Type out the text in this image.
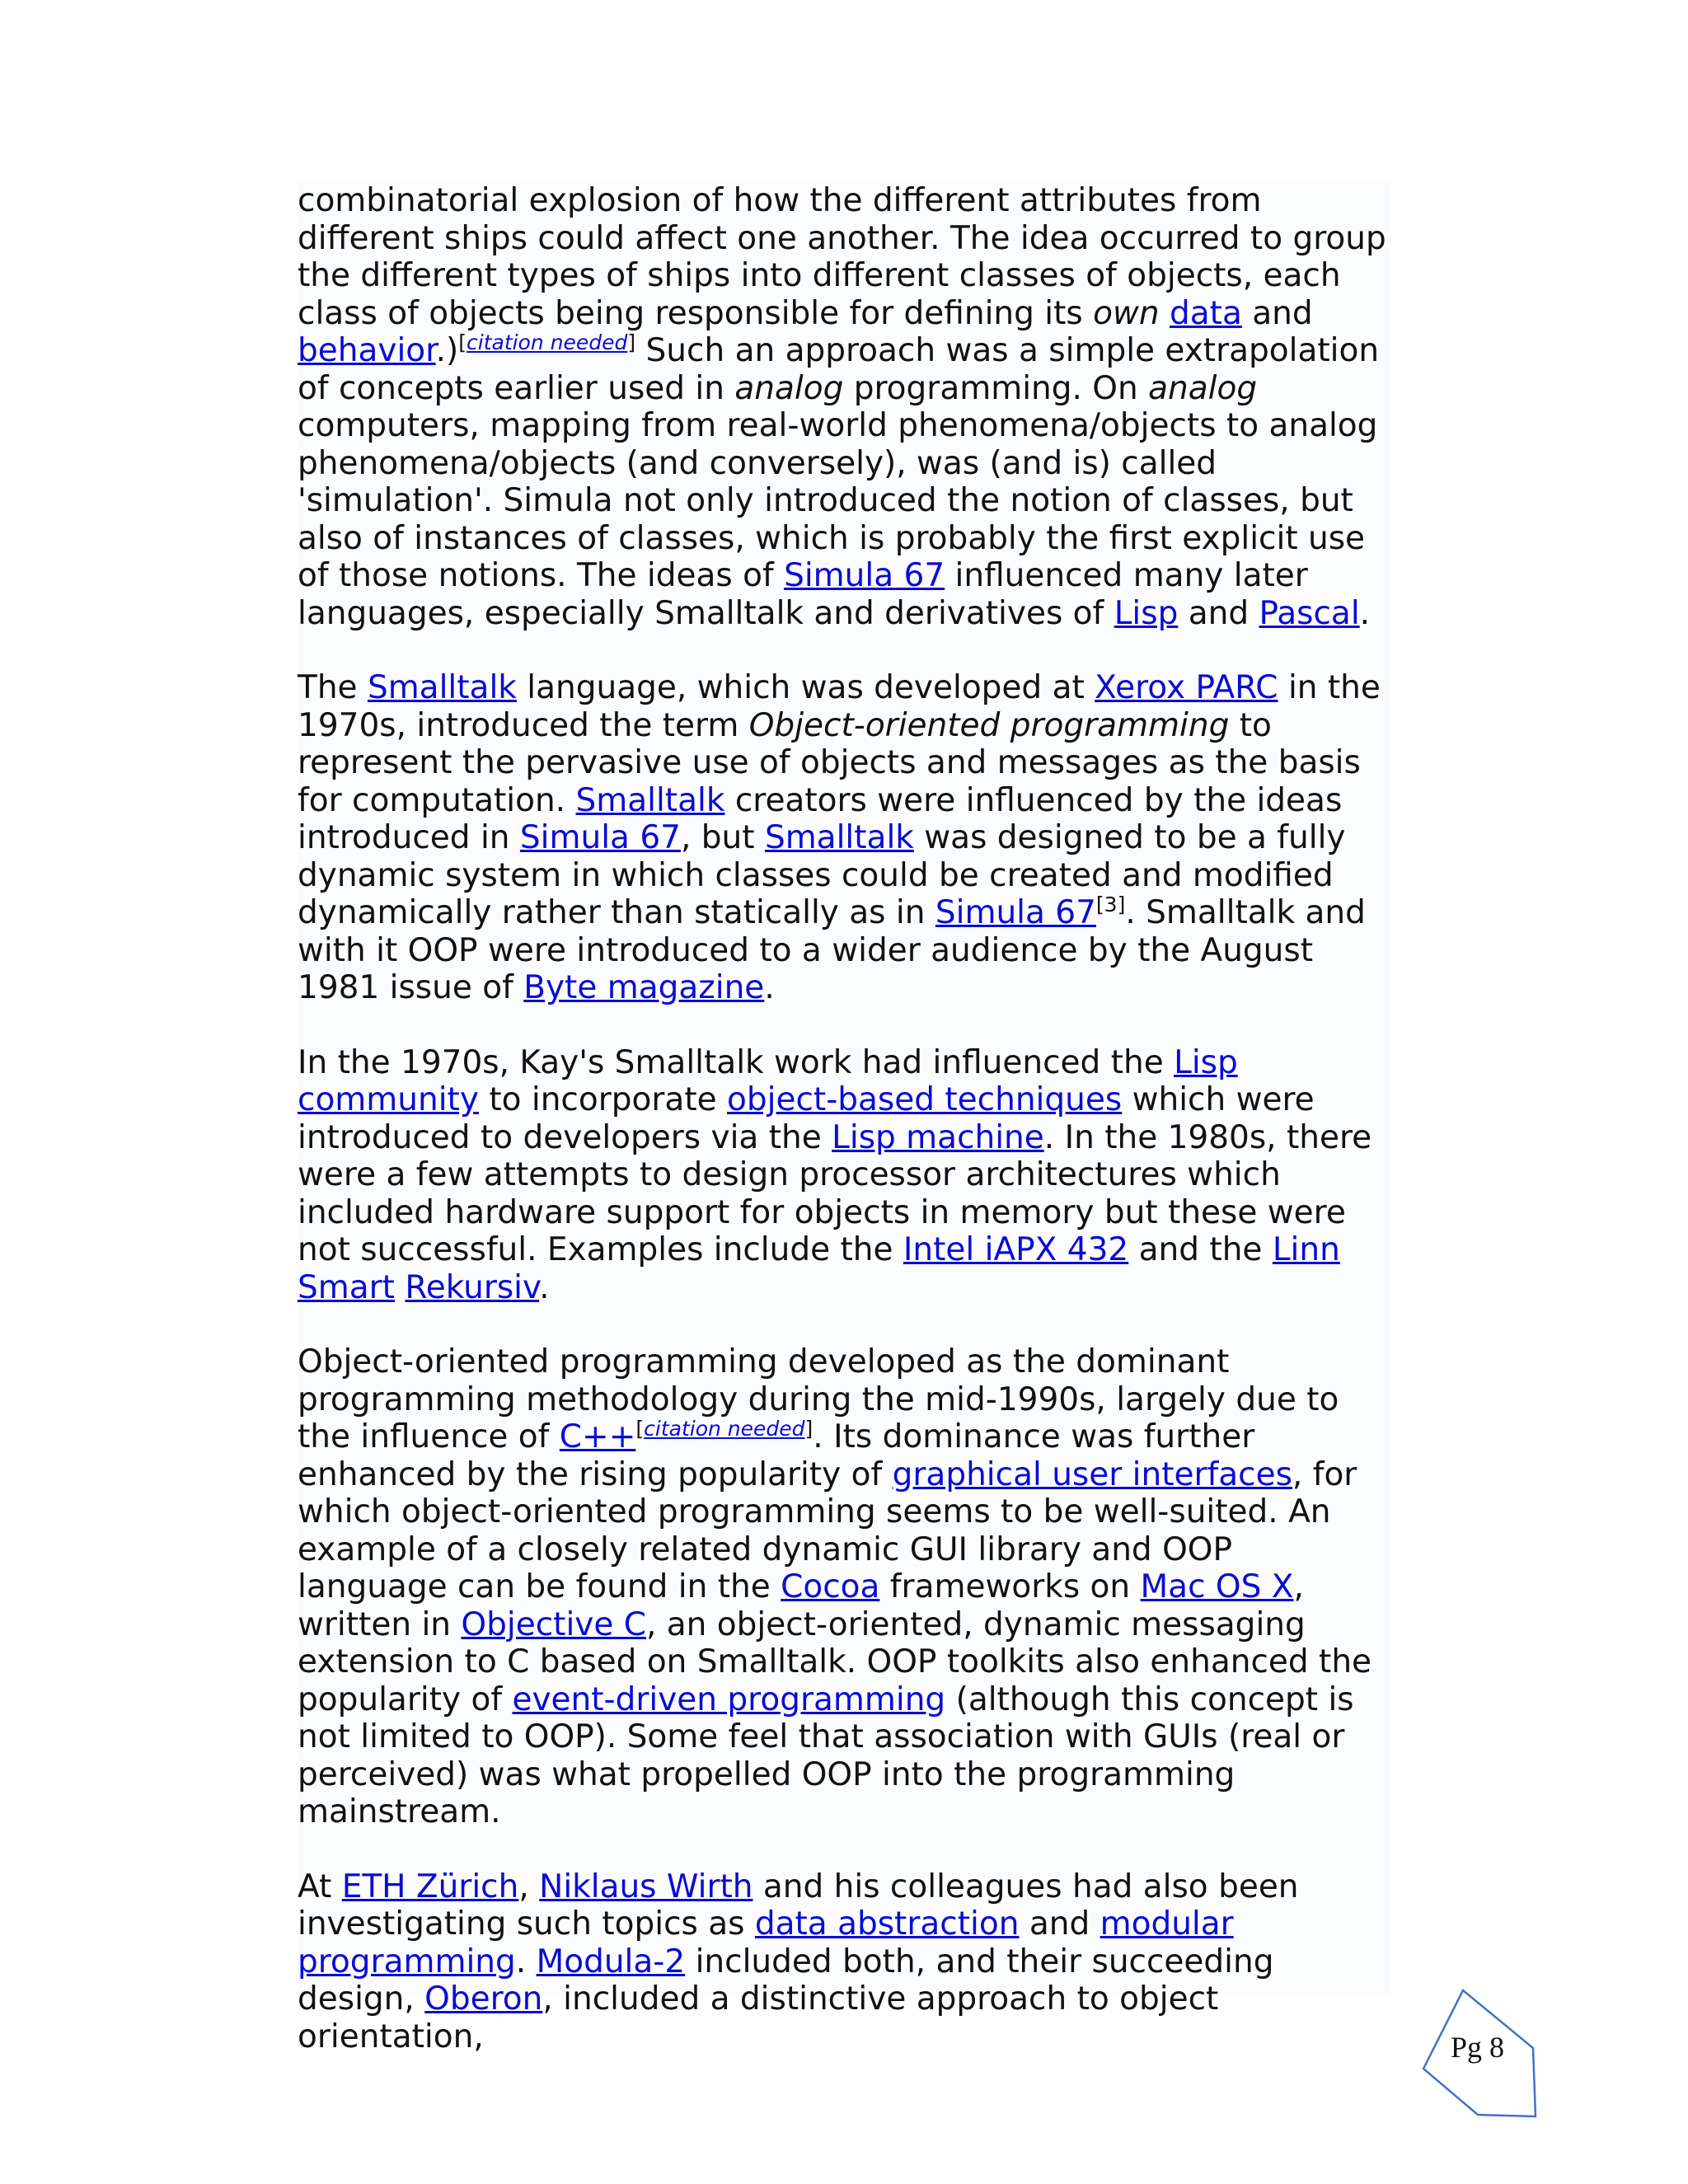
combinatorial explosion of how the different attributes from different ships could affect one another. The idea occurred to group the different types of ships into different classes of objects, each class of objects being responsible for defining its own data and behavior.)[citation needed] Such an approach was a simple extrapolation of concepts earlier used in analog programming. On analog computers, mapping from real-world phenomena/objects to analog phenomena/objects (and conversely), was (and is) called 'simulation'. Simula not only introduced the notion of classes, but also of instances of classes, which is probably the first explicit use of those notions. The ideas of Simula 67 influenced many later languages, especially Smalltalk and derivatives of Lisp and Pascal.

The Smalltalk language, which was developed at Xerox PARC in the 1970s, introduced the term Object-oriented programming to represent the pervasive use of objects and messages as the basis for computation. Smalltalk creators were influenced by the ideas introduced in Simula 67, but Smalltalk was designed to be a fully dynamic system in which classes could be created and modified dynamically rather than statically as in Simula 67[3]. Smalltalk and with it OOP were introduced to a wider audience by the August 1981 issue of Byte magazine.

In the 1970s, Kay's Smalltalk work had influenced the Lisp community to incorporate object-based techniques which were introduced to developers via the Lisp machine. In the 1980s, there were a few attempts to design processor architectures which included hardware support for objects in memory but these were not successful. Examples include the Intel iAPX 432 and the Linn Smart Rekursiv.

Object-oriented programming developed as the dominant programming methodology during the mid-1990s, largely due to the influence of C++[citation needed]. Its dominance was further enhanced by the rising popularity of graphical user interfaces, for which object-oriented programming seems to be well-suited. An example of a closely related dynamic GUI library and OOP language can be found in the Cocoa frameworks on Mac OS X, written in Objective C, an object-oriented, dynamic messaging extension to C based on Smalltalk. OOP toolkits also enhanced the popularity of event-driven programming (although this concept is not limited to OOP). Some feel that association with GUIs (real or perceived) was what propelled OOP into the programming mainstream.

At ETH Zürich, Niklaus Wirth and his colleagues had also been investigating such topics as data abstraction and modular programming. Modula-2 included both, and their succeeding design, Oberon, included a distinctive approach to object orientation,	Pg 8
